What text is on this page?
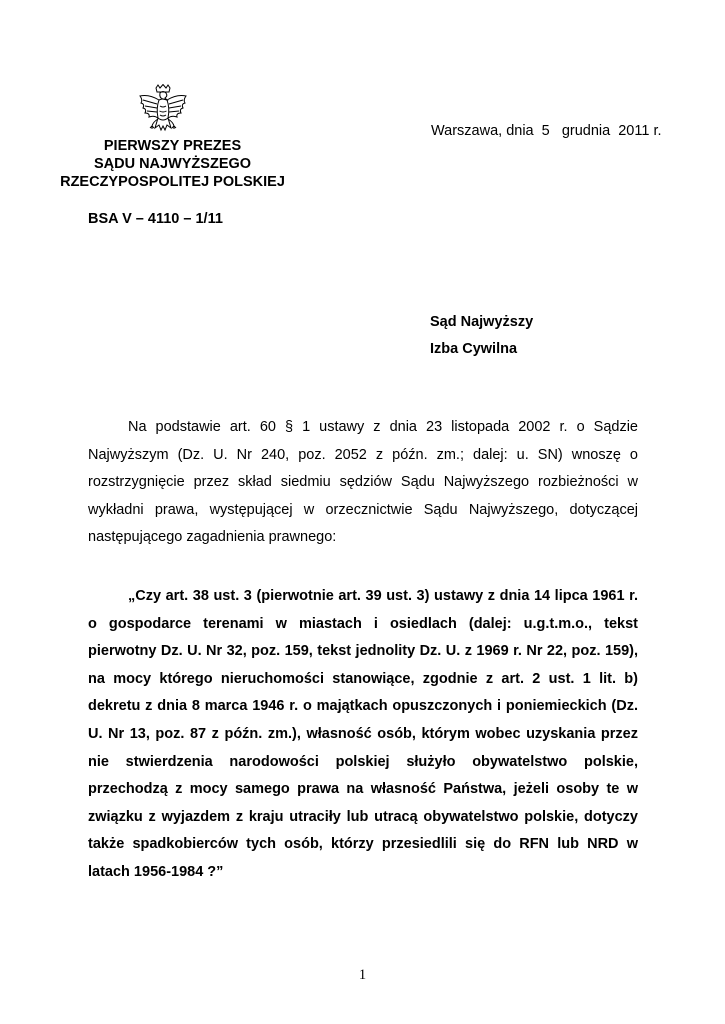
PIERWSZY PREZES
SĄDU NAJWYŻSZEGO
RZECZYPOSPOLITEJ POLSKIEJ
Warszawa, dnia  5   grudnia  2011 r.
BSA V – 4110 – 1/11
Sąd Najwyższy
Izba Cywilna

Na podstawie art. 60 § 1 ustawy z dnia 23 listopada 2002 r. o Sądzie Najwyższym (Dz. U. Nr 240, poz. 2052 z późn. zm.; dalej: u. SN) wnoszę o rozstrzygnięcie przez skład siedmiu sędziów Sądu Najwyższego rozbieżności w wykładni prawa, występującej w orzecznictwie Sądu Najwyższego, dotyczącej następującego zagadnienia prawnego:

„Czy art. 38 ust. 3 (pierwotnie art. 39 ust. 3) ustawy z dnia 14 lipca 1961 r. o gospodarce terenami w miastach i osiedlach (dalej: u.g.t.m.o., tekst pierwotny Dz. U. Nr 32, poz. 159, tekst jednolity Dz. U. z 1969 r. Nr 22, poz. 159), na mocy którego nieruchomości stanowiące, zgodnie z art. 2 ust. 1 lit. b) dekretu z dnia 8 marca 1946 r. o majątkach opuszczonych i poniemieckich (Dz. U. Nr 13, poz. 87 z późn. zm.), własność osób, którym wobec uzyskania przez nie stwierdzenia narodowości polskiej służyło obywatelstwo polskie, przechodzą z mocy samego prawa na własność Państwa, jeżeli osoby te w związku z wyjazdem z kraju utraciły lub utracą obywatelstwo polskie, dotyczy także spadkobierców tych osób, którzy przesiedlili się do RFN lub NRD w latach 1956-1984 ?”

1
